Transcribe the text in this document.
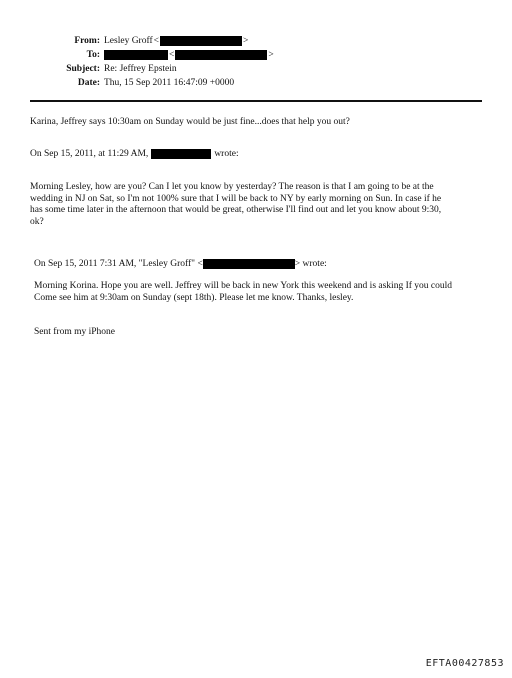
From: Lesley Groff <	>
To:	<	>
Subject: Re: Jeffrey Epstein
Date: Thu, 15 Sep 2011 16:47:09 +0000
Karina, Jeffrey says 10:30am on Sunday would be just fine...does that help you out?
On Sep 15, 2011, at 11:29 AM,	wrote:
Morning Lesley, how are you? Can I let you know by yesterday? The reason is that I am going to be at the
wedding in NJ on Sat, so I'm not 100% sure that I will be back to NY by early morning on Sun. In case if he
has some time later in the afternoon that would be great, otherwise I'll find out and let you know about 9:30,
ok?
On Sep 15, 2011 7:31 AM, "Lesley Groff" <	> wrote:
Morning Korina. Hope you are well. Jeffrey will be back in new York this weekend and is asking If you could
Come see him at 9:30am on Sunday (sept 18th). Please let me know. Thanks, lesley.
Sent from my iPhone
EFTA00427853
